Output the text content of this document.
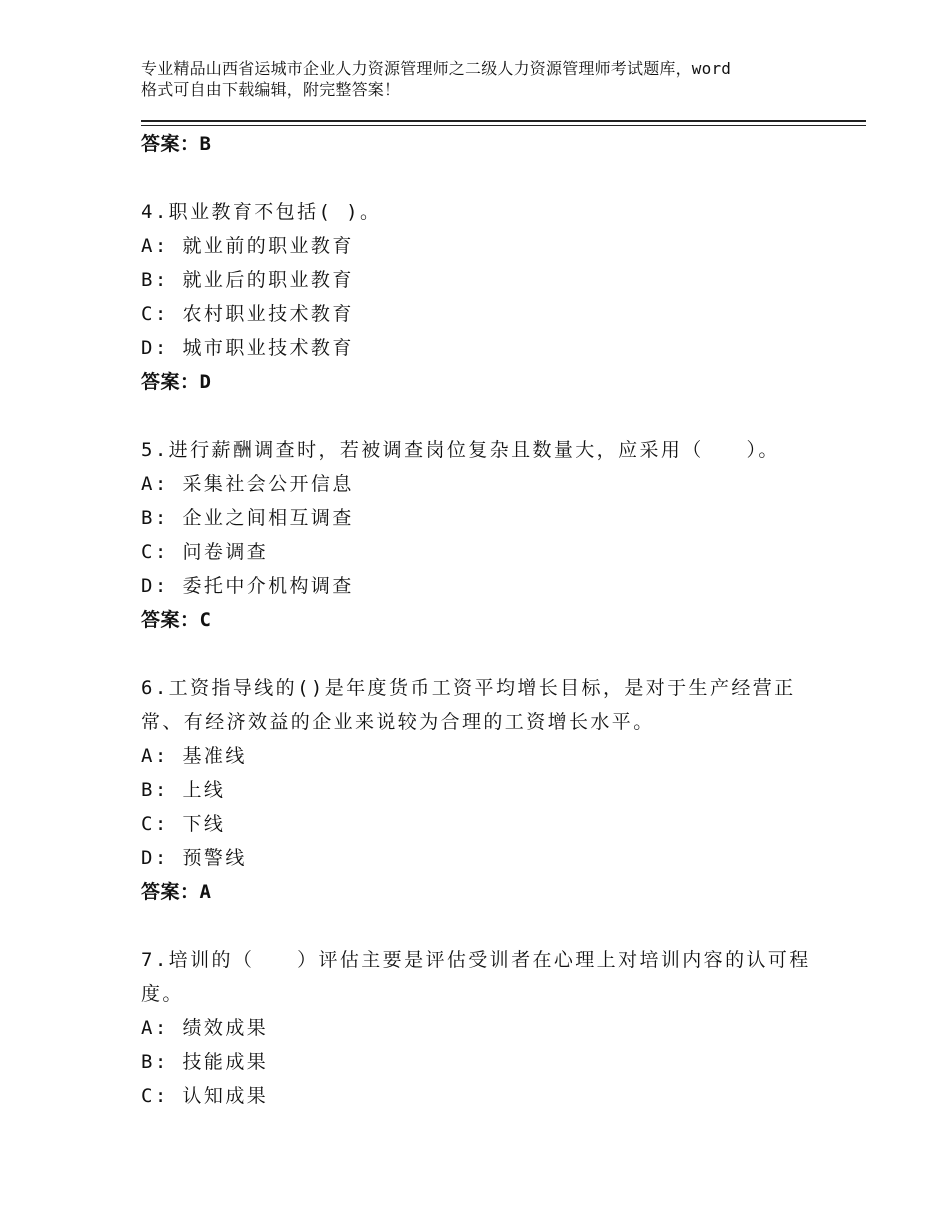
专业精品山西省运城市企业人力资源管理师之二级人力资源管理师考试题库，word
格式可自由下载编辑，附完整答案！
答案：B
4.职业教育不包括( )。
A: 就业前的职业教育
B: 就业后的职业教育
C: 农村职业技术教育
D: 城市职业技术教育
答案：D
5.进行薪酬调查时，若被调查岗位复杂且数量大，应采用（　　）。
A: 采集社会公开信息
B: 企业之间相互调查
C: 问卷调查
D: 委托中介机构调查
答案：C
6.工资指导线的()是年度货币工资平均增长目标，是对于生产经营正常、有经济效益的企业来说较为合理的工资增长水平。
A: 基准线
B: 上线
C: 下线
D: 预警线
答案：A
7.培训的（　　）评估主要是评估受训者在心理上对培训内容的认可程度。
A: 绩效成果
B: 技能成果
C: 认知成果
